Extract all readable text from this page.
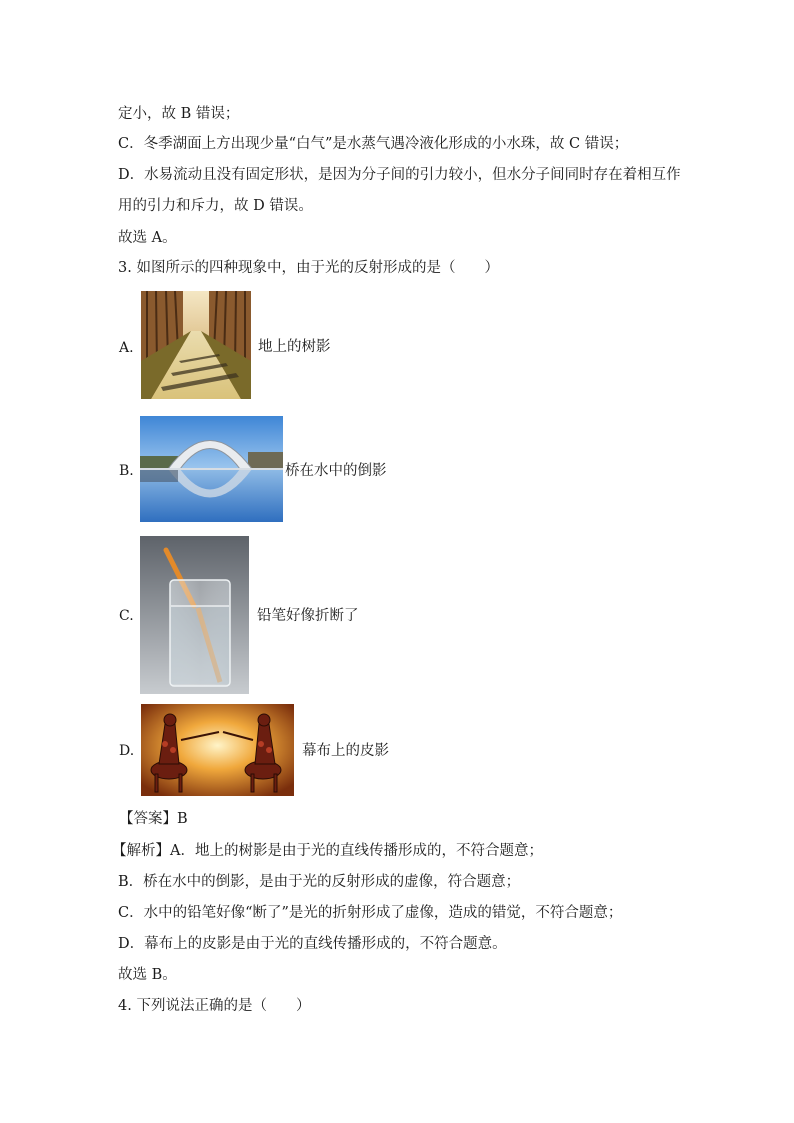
定小，故 B 错误；
C．冬季湖面上方出现少量“白气”是水蒸气遇冷液化形成的小水珠，故 C 错误；
D．水易流动且没有固定形状，是因为分子间的引力较小，但水分子间同时存在着相互作
用的引力和斥力，故 D 错误。
故选 A。
3. 如图所示的四种现象中，由于光的反射形成的是（　　）
A.	地上的树影
B.	桥在水中的倒影
C.	铅笔好像折断了
D.	幕布上的皮影
【答案】B
【解析】A．地上的树影是由于光的直线传播形成的，不符合题意；
B．桥在水中的倒影，是由于光的反射形成的虚像，符合题意；
C．水中的铅笔好像“断了”是光的折射形成了虚像，造成的错觉，不符合题意；
D．幕布上的皮影是由于光的直线传播形成的，不符合题意。
故选 B。
4. 下列说法正确的是（　　）
